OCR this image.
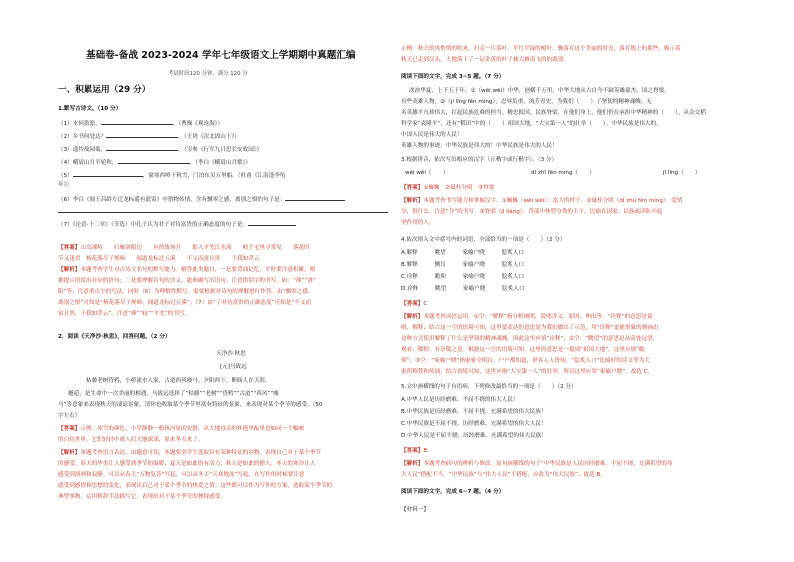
基础卷-备战 2023-2024 学年七年级语文上学期期中真题汇编
考试时间120 分钟，满分 120 分
一、积累运用（29 分）
1.默写古诗文。（10 分）
（1）水何澹澹，	。（曹操《观沧海》）
（2）乡书何处达？	。（王湾《次北固山下》）
（3）遥怜故园菊，	。（岑参《行军九日思长安故园》）
（4）峨眉山月半轮秋，	。（李白《峨眉山月歌》）
（5）	，窗寒西岭千秋雪，门泊东吴万里船。（杜甫《江南逢李龟
年》）
（6）李白《闻王昌龄左迁龙标遥有此寄》中借物传情，含有飘零之感，离别之恨的句子是：
（7）《论语·十二章》（节选）中孔子认为君子对待富贵的正确态度的句子是：
【答案】山岛竦峙　　归雁洛阳边　　应傍战场开　　影入平羌江水流　　岐王宅里寻常见　　落花时
节又逢君　杨花落尽子规啼　　闻道龙标过五溪　　不义而富且贵　　于我如浮云
【解析】本题考查学生对古诗文名句的默写能力。解答此类题目，一是要背诵记忆，平时要注意积累，根
据提示语说出对应的语句；二是要理解诗句的含义，能准确写出语句。注意错别字的书写。如：“竦”“洛”
阳”等；注意重点字的写法，同时（6）为理解性默写，需要根据对诗句的理解进行作答。由“飘零之感、
离别之恨”可知是“杨花落尽子规啼，闻道龙标过五溪”；（7）由“子对待富贵的正确态度”可知是“不义而
富且贵，于我如浮云”。注意“竦”“歧”“平羌”的书写。
2．阅读《天净沙·秋思》，回答问题。（2 分）
天净沙·秋思
[元]马致远
枯藤老树昏鸦，小桥流水人家，古道西风瘦马。夕阳西下，断肠人在天涯。
邂逅，是生命中一次美丽的相遇，马致远选择了“枯藤”“老树”“昏鸦”“古道”“西风”“瘦
马”等意象来表现秋天的凄凉景象，请你也收取某个季节里富有特征的景象，来表现对某个季节的感受。（50
字左右）
【答案】示例：冰雪的颜色，小草静静一般孩河显的安静，从大地母亲的怀抱里酝里也如同一个幅映
的白色世界，它们轻轻中被人们大地深深，原来冬天来了。
【解析】本题考查语言表达。由题意可知，本题要求学生选取具有某种特征的景物，表现自己对于某个季节
的感受。春天的华美让人感受到季节的温暖；夏天是如此的有活力；秋天是如此的撩人；冬天的寒冷让人
感受到凛冽和寂静。可以从春天“万物复苏”写起，可以从冬天“天寒地冻”写起，在写作的时候要注意
感受到感情和思想的变化，表现出自己对于某个季节的热爱之情。这些都可以作为写作的方案，选取某个季节的
典型事物，运用修辞手法描写它，表现出对于某个季节的独特感受。
示例：秋天的风悄悄的吹来，扫走一片落叶，平红平绿的树叶，飘落在这个美丽的时光，落在地上的那些，吸示着
秋天已走到尽头，大地落下了一层金黄的叶子被大雁南飞的的离别。
阅读下面的文字，完成 3~5 题。（7 分）
泱泱华夏，上下五千年，①（wēi wēi）中华，创横千万里。中华大地从古自今不缺英雄豪杰、国之脊梁，
有些英雄人物，②（jí lǐng fěn mìng），忍辱负重，流芳青史，为我们（　　）了坚韧的精神魂魄；无
名英雄平凡却伟大，扛起民族危难的担当。精忠报国，民族脊梁，在他们身上，他们仍在承担中华精神的（　　）。从杂交稻
科学家“袁隆平”，还有“稻田”中的（　　）祖国大地，“大宝第一人”的壮举（　　）。中华民族是伟大的，
中国人民是伟大的人民！
英雄人物的事迹，中华民族是伟大的！中华民族是伟大的人民！
3.根据拼音，依次写出相应的汉字（正楷字或行楷字）。（3 分）
wēi wēi（　　）	dí zhǐ fēn míng（　　）	jǐ lǐng（　　）
【答案】①巍巍　②砥柱分明　③脊梁
【解析】本题考查书写能力和掌握汉字。①巍巍（wēi wēi）：富大的样子。②砥柱分明（dǐ zhù fēn míng）：爱情
分，很什么。注意“分”的书写。③脊梁（jǐ liáng）：背部中体型分类的主干，比喻在国家、民族或团队中起
坚作用的人。
4.依次填入文中括号内的词语，全部恰当的一项是（　　）（2 分）
A.解释　　　眺望　　　家喻户晓　　　脍炙人口
B.解释　　　侧耳　　　家喻户晓　　　脍炙人口
C.诠释　　　瞻仰　　　家喻户晓　　　脍炙人口
D.诠释　　　眺望　　　家喻户晓　　　脍炙人口
【答案】C
【解析】本题考查词语运用。①空：“解释”指分析阐明，说明含义、原因、理由等。“诠释”的意思是说
明、解释；结合这一空的语境可知，这里要表达的意思是为我们做出了示范，用“诠释”更能形象的刻画出
这种方式使用解释了什么是坚韧的精神魂魄，因此这里应填“诠释”；②空：“眺望”的意思是从高处远望；
观看；敬仰，有崇敬之意。根据这一空的语境可知，这里的意思是一提到“祖国大地”，这里应填“瞻
仰”；③空：“家喻户晓”指家家全明白，户户都知道，形容人人皆知。“脍炙人口”比喻好的诗文等为大
家所称赞和传诵，结合语境可知，这里应指“大宝第一人”的壮举，所以这里应用“家喻户晓”。故选 C。
5.文中画横线的句子有语病，下列修改最恰当的一项是（　　）（2 分）
A.中华人民是历经磨难、不屈不挠的伟大人民！
B.中华民族是历经磨难、不屈不挠、充满希望的伟大民族！
C.中华民族是不屈不挠、历经磨难、充满希望的伟大人民！
D.中华人民是不屈不挠、历经磨难、充满希望的伟大民族！
【答案】B
【解析】本题考查病句的辨析与修改。原句画横线的句子“中华民族是人民历经磨难，不屈不挠，充满希望的伟
大人民”搭配不当，“中华民族”与“伟大人民”不搭配，应改为“伟大民族”；故选 B。
阅读下面的文字，完成 6~7 题。（4 分）
【材料一】
